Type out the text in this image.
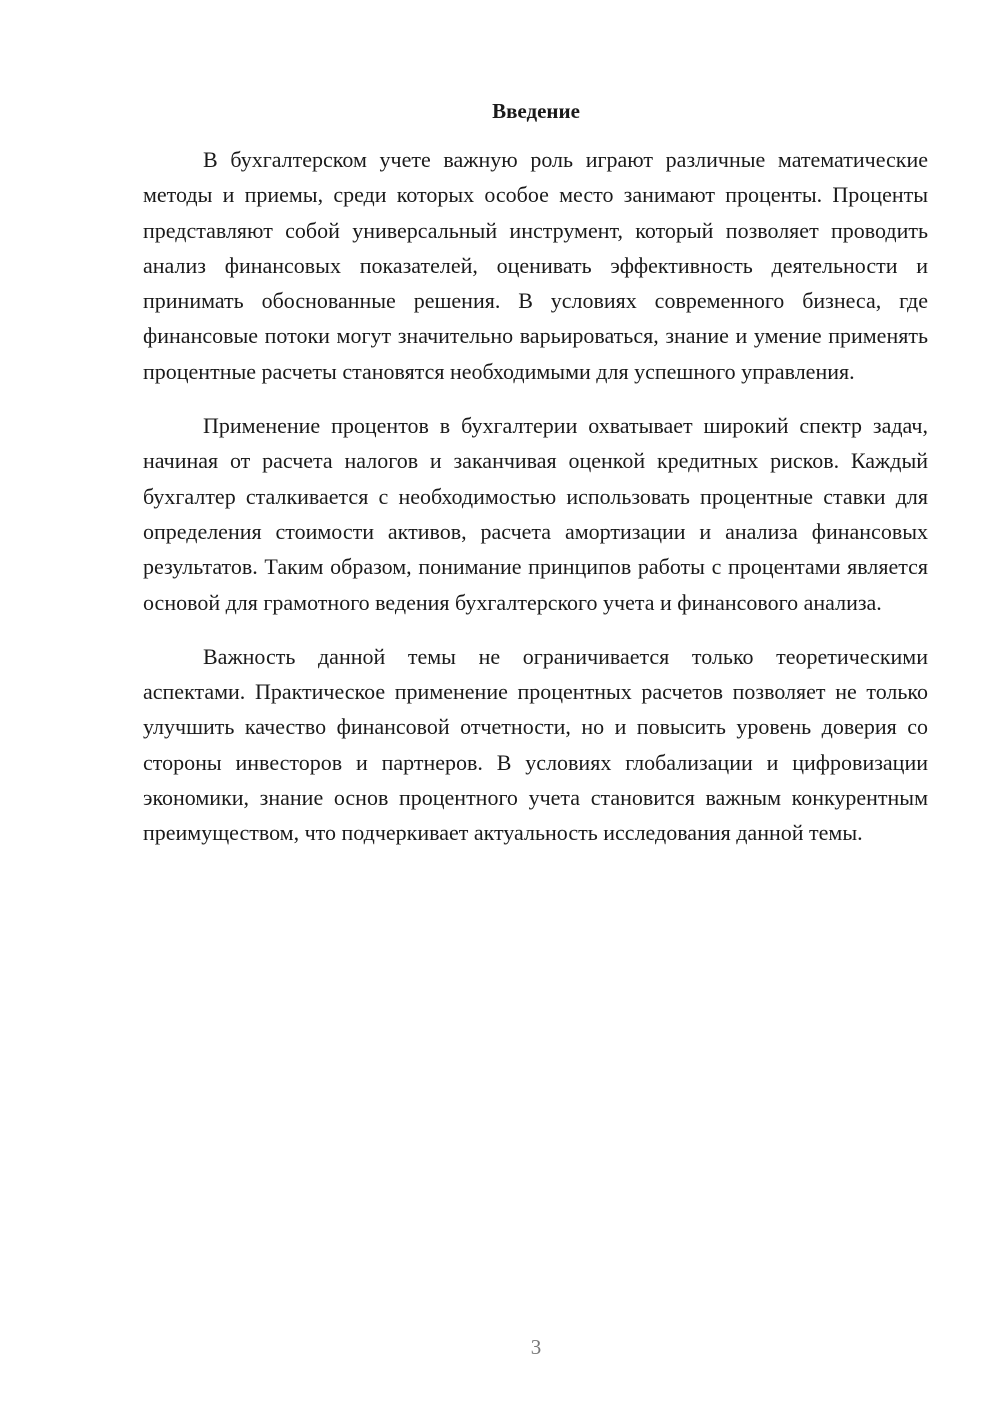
Введение

В бухгалтерском учете важную роль играют различные математические методы и приемы, среди которых особое место занимают проценты. Проценты представляют собой универсальный инструмент, который позволяет проводить анализ финансовых показателей, оценивать эффективность деятельности и принимать обоснованные решения. В условиях современного бизнеса, где финансовые потоки могут значительно варьироваться, знание и умение применять процентные расчеты становятся необходимыми для успешного управления.

Применение процентов в бухгалтерии охватывает широкий спектр задач, начиная от расчета налогов и заканчивая оценкой кредитных рисков. Каждый бухгалтер сталкивается с необходимостью использовать процентные ставки для определения стоимости активов, расчета амортизации и анализа финансовых результатов. Таким образом, понимание принципов работы с процентами является основой для грамотного ведения бухгалтерского учета и финансового анализа.

Важность данной темы не ограничивается только теоретическими аспектами. Практическое применение процентных расчетов позволяет не только улучшить качество финансовой отчетности, но и повысить уровень доверия со стороны инвесторов и партнеров. В условиях глобализации и цифровизации экономики, знание основ процентного учета становится важным конкурентным преимуществом, что подчеркивает актуальность исследования данной темы.

3
